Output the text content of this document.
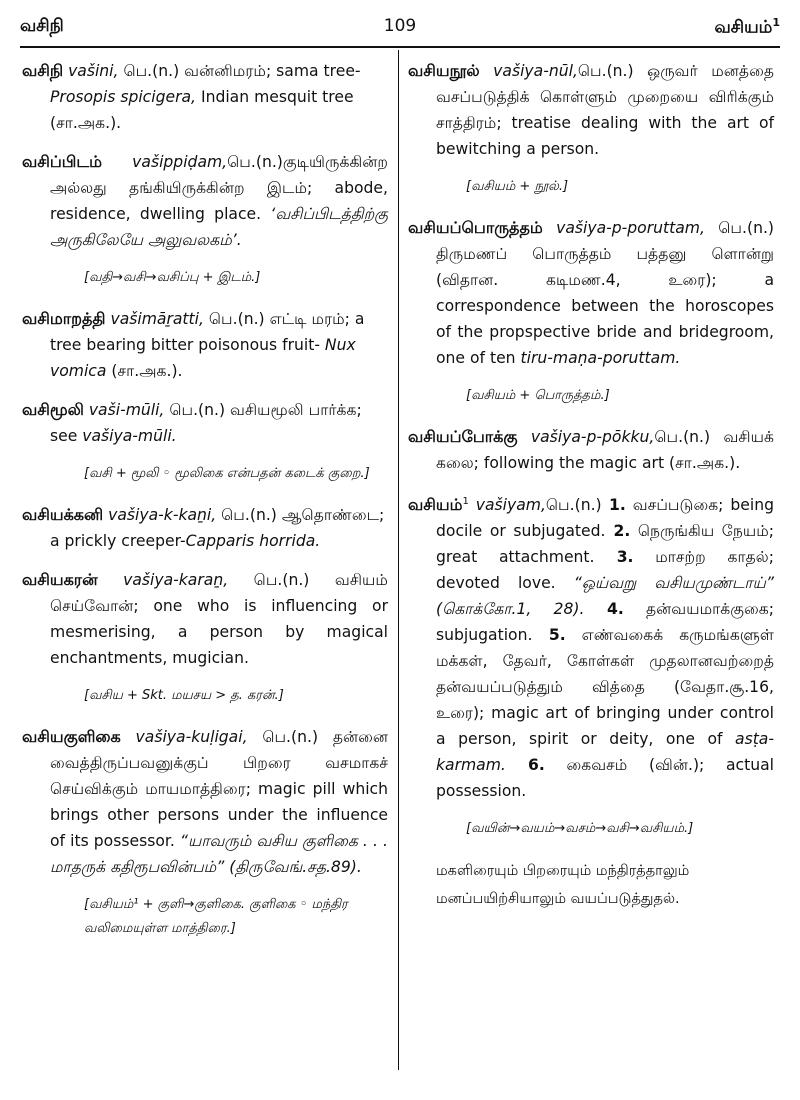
வசிநி	109	வசியம்$^1$
வசிநி vašini, பெ.(n.) வன்னிமரம்; sama tree-Prosopis spicigera, Indian mesquit tree (சா.அக.).
வசிப்பிடம் vašippiḍam,பெ.(n.)குடியிருக்கின்ற அல்லது தங்கியிருக்கின்ற இடம்; abode, residence, dwelling place. ‘வசிப்பிடத்திற்கு அருகிலேயே அலுவலகம்’.
[வதி→வசி→வசிப்பு + இடம்.]
வசிமாறத்தி vašimāṟatti, பெ.(n.) எட்டி மரம்; a tree bearing bitter poisonous fruit- Nux vomica (சா.அக.).
வசிமூலி vaši-mūli, பெ.(n.) வசியமூலி பார்க்க; see vašiya-mūli.
[வசி + மூலி ◦ மூலிகை என்பதன் கடைக் குறை.]
வசியக்கனி vašiya-k-kaṉi, பெ.(n.) ஆதொண்டை; a prickly creeper-Capparis horrida.
வசியகரன் vašiya-karaṉ, பெ.(n.) வசியம் செய்வோன்; one who is influencing or mesmerising, a person by magical enchantments, mugician.
[வசிய + Skt. மயசய > த. கரன்.]
வசியகுளிகை vašiya-kuḷigai, பெ.(n.) தன்னை வைத்திருப்பவனுக்குப் பிறரை வசமாகச் செய்விக்கும் மாயமாத்திரை; magic pill which brings other persons under the influence of its possessor. “யாவரும் வசிய குளிகை . . . மாதருக் கதிரூபவின்பம்” (திருவேங்.சத.89).
[வசியம்¹ + குளி→குளிகை. குளிகை ◦ மந்திர வலிமையுள்ள மாத்திரை.]
வசியநூல் vašiya-nūl,பெ.(n.) ஒருவர் மனத்தை வசப்படுத்திக் கொள்ளும் முறையை விரிக்கும் சாத்திரம்; treatise dealing with the art of bewitching a person.
[வசியம் + நூல்.]
வசியப்பொருத்தம் vašiya-p-poruttam, பெ.(n.) திருமணப் பொருத்தம் பத்தனு ளொன்று (விதான. கடிமண.4, உரை); a correspondence between the horoscopes of the propspective bride and bridegroom, one of ten tiru-maṇa-poruttam.
[வசியம் + பொருத்தம்.]
வசியப்போக்கு vašiya-p-pōkku,பெ.(n.) வசியக் கலை; following the magic art (சா.அக.).
வசியம்$^1$ vašiyam,பெ.(n.) 1. வசப்படுகை; being docile or subjugated. 2. நெருங்கிய நேயம்; great attachment. 3. மாசற்ற காதல்; devoted love. “ஒய்வறு வசியமுண்டாய்” (கொக்கோ.1, 28). 4. தன்வயமாக்குகை; subjugation. 5. எண்வகைக் கருமங்களுள் மக்கள், தேவர், கோள்கள் முதலானவற்றைத் தன்வயப்படுத்தும் வித்தை (வேதா.சூ.16, உரை); magic art of bringing under control a person, spirit or deity, one of asṭa-karmam. 6. கைவசம் (வின்.); actual possession.
[வயின்→வயம்→வசம்→வசி→வசியம்.]
மகளிரையும் பிறரையும் மந்திரத்தாலும் மனப்பயிற்சியாலும் வயப்படுத்துதல்.
